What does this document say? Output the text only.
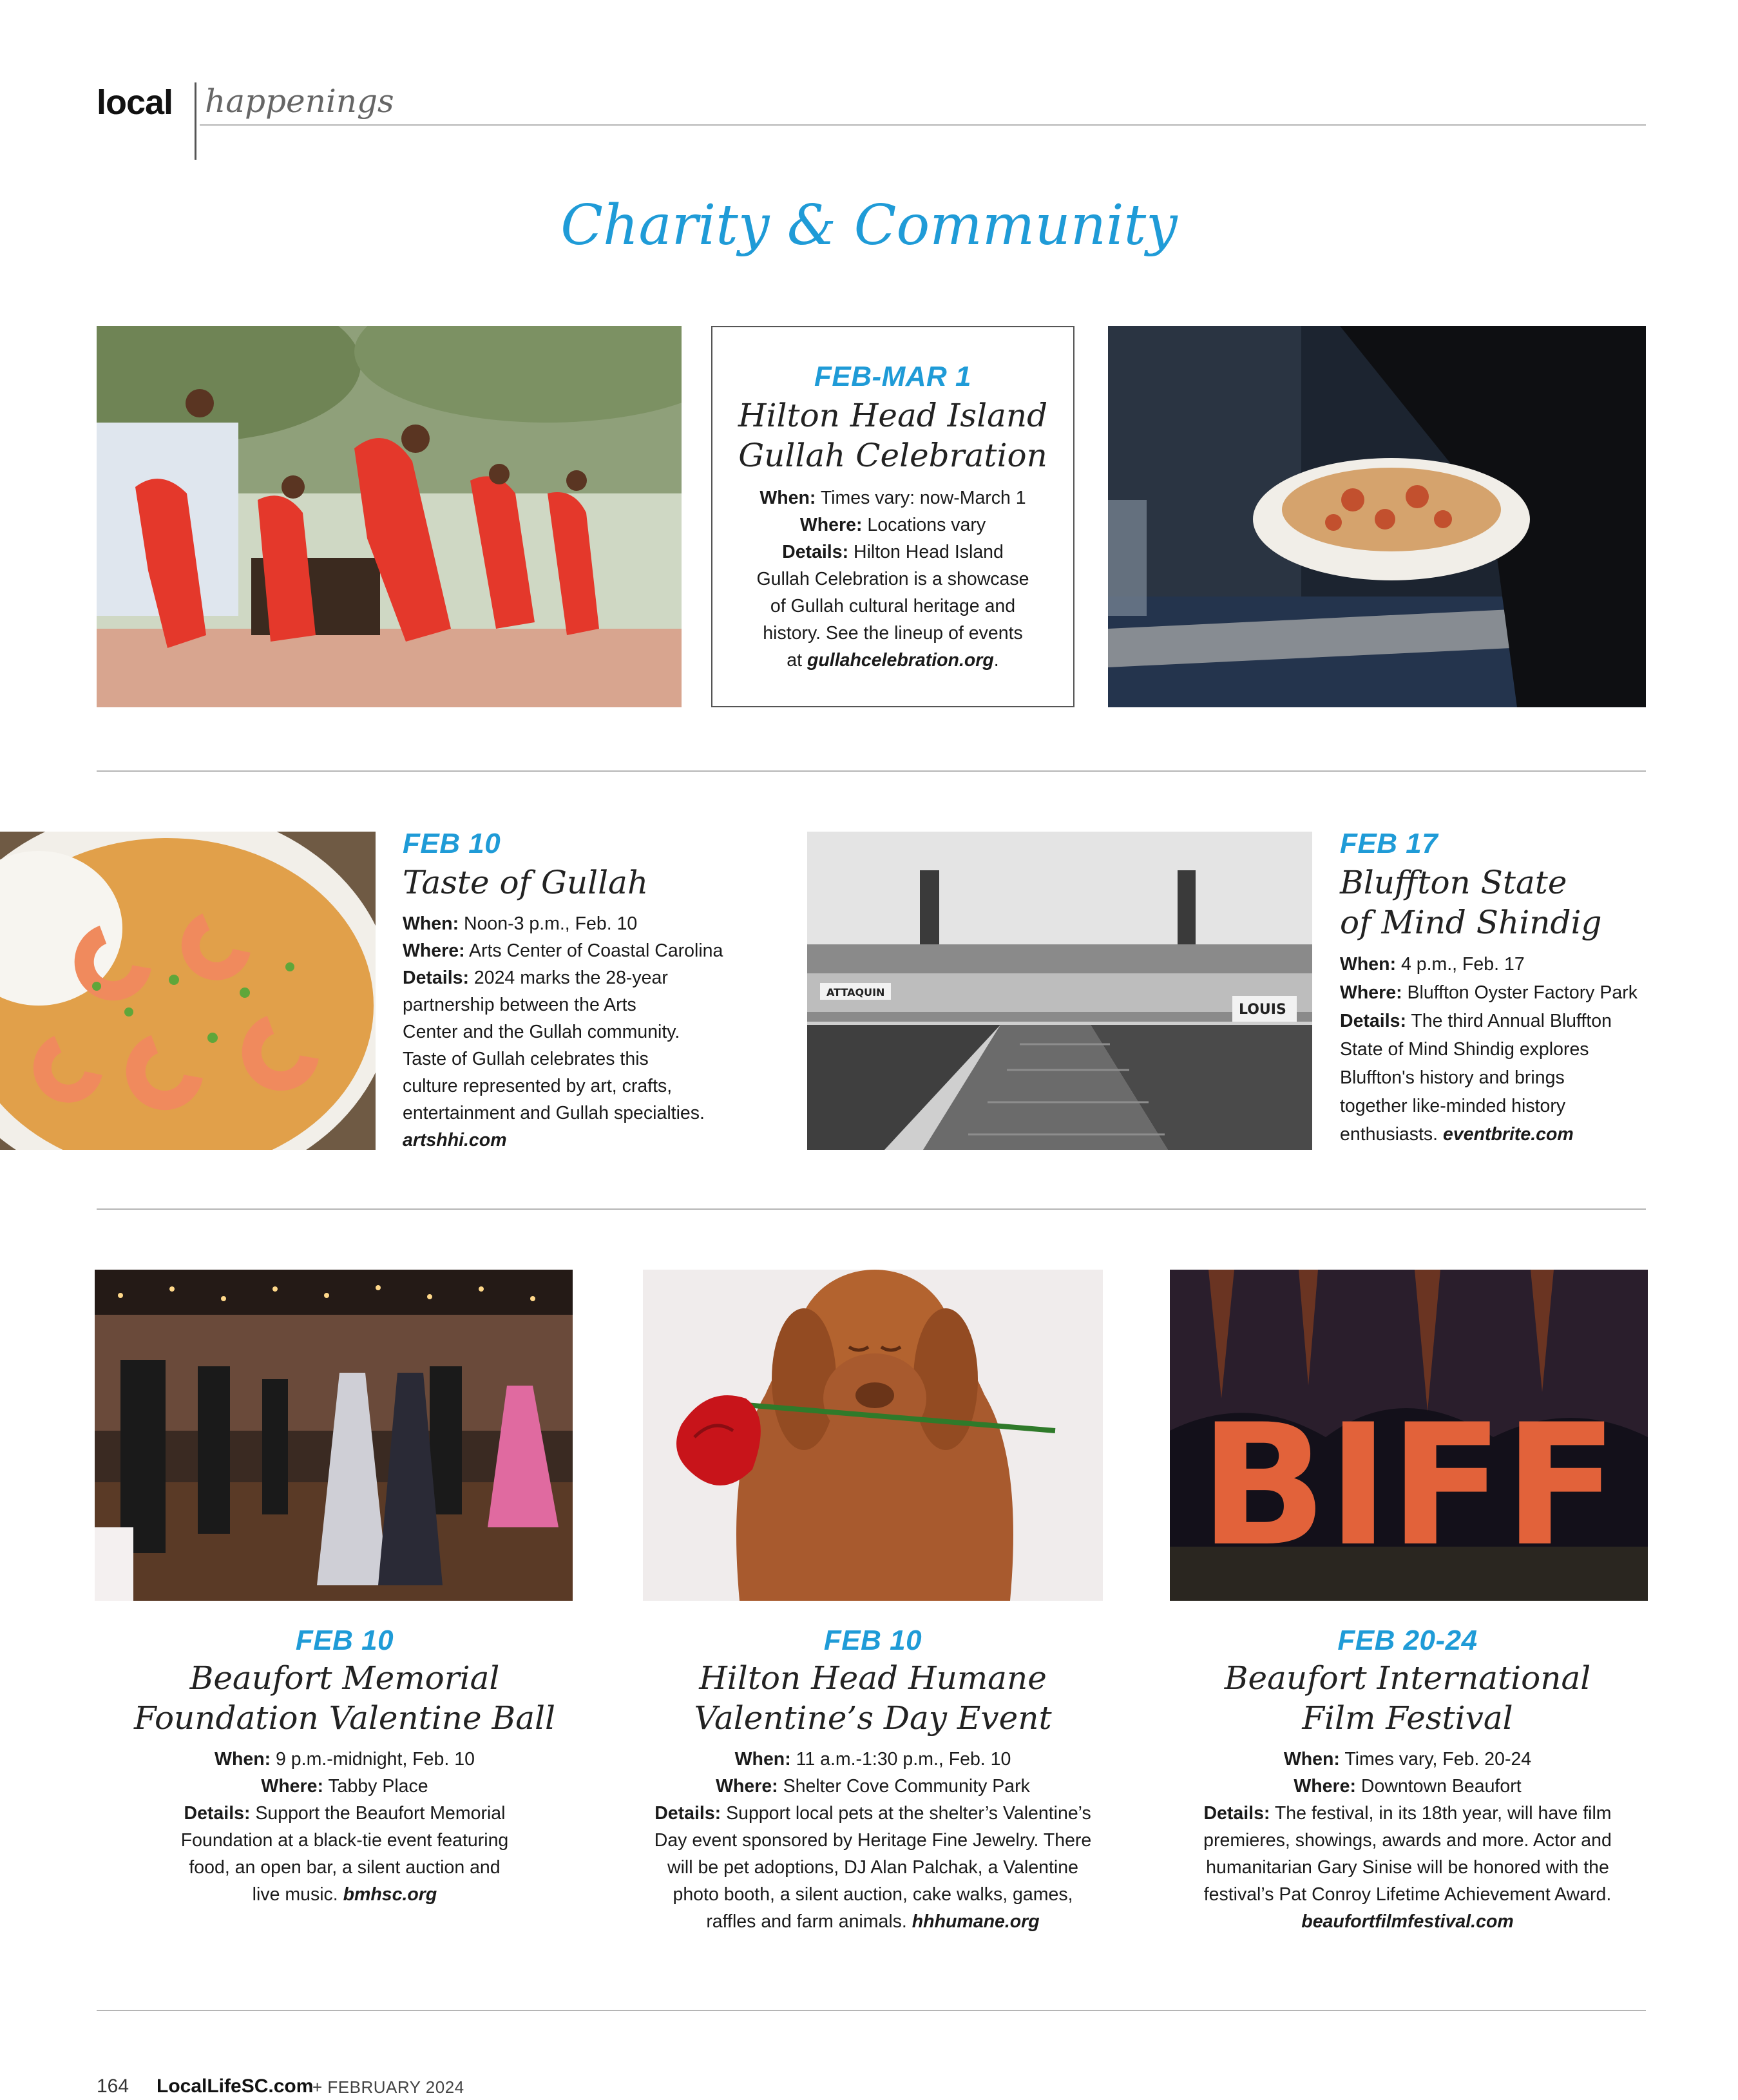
local happenings
Charity & Community
FEB-MAR 1
Hilton Head Island
Gullah Celebration
When: Times vary: now-March 1
Where: Locations vary
Details: Hilton Head Island
Gullah Celebration is a showcase
of Gullah cultural heritage and
history. See the lineup of events
at gullahcelebration.org.
FEB 10
Taste of Gullah
When: Noon-3 p.m., Feb. 10
Where: Arts Center of Coastal Carolina
Details: 2024 marks the 28-year
partnership between the Arts
Center and the Gullah community.
Taste of Gullah celebrates this
culture represented by art, crafts,
entertainment and Gullah specialties.
artshhi.com
ATTAQUIN
LOUIS
FEB 17
Bluffton State
of Mind Shindig
When: 4 p.m., Feb. 17
Where: Bluffton Oyster Factory Park
Details: The third Annual Bluffton
State of Mind Shindig explores
Bluffton's history and brings
together like-minded history
enthusiasts. eventbrite.com
BIFF
FEB 10
Beaufort Memorial
Foundation Valentine Ball
When: 9 p.m.-midnight, Feb. 10
Where: Tabby Place
Details: Support the Beaufort Memorial
Foundation at a black-tie event featuring
food, an open bar, a silent auction and
live music. bmhsc.org
FEB 10
Hilton Head Humane
Valentine’s Day Event
When: 11 a.m.-1:30 p.m., Feb. 10
Where: Shelter Cove Community Park
Details: Support local pets at the shelter’s Valentine’s
Day event sponsored by Heritage Fine Jewelry. There
will be pet adoptions, DJ Alan Palchak, a Valentine
photo booth, a silent auction, cake walks, games,
raffles and farm animals. hhhumane.org
FEB 20-24
Beaufort International
Film Festival
When: Times vary, Feb. 20-24
Where: Downtown Beaufort
Details: The festival, in its 18th year, will have film
premieres, showings, awards and more. Actor and
humanitarian Gary Sinise will be honored with the
festival’s Pat Conroy Lifetime Achievement Award.
beaufortfilmfestival.com
164 LocalLifeSC.com
+ FEBRUARY 2024
